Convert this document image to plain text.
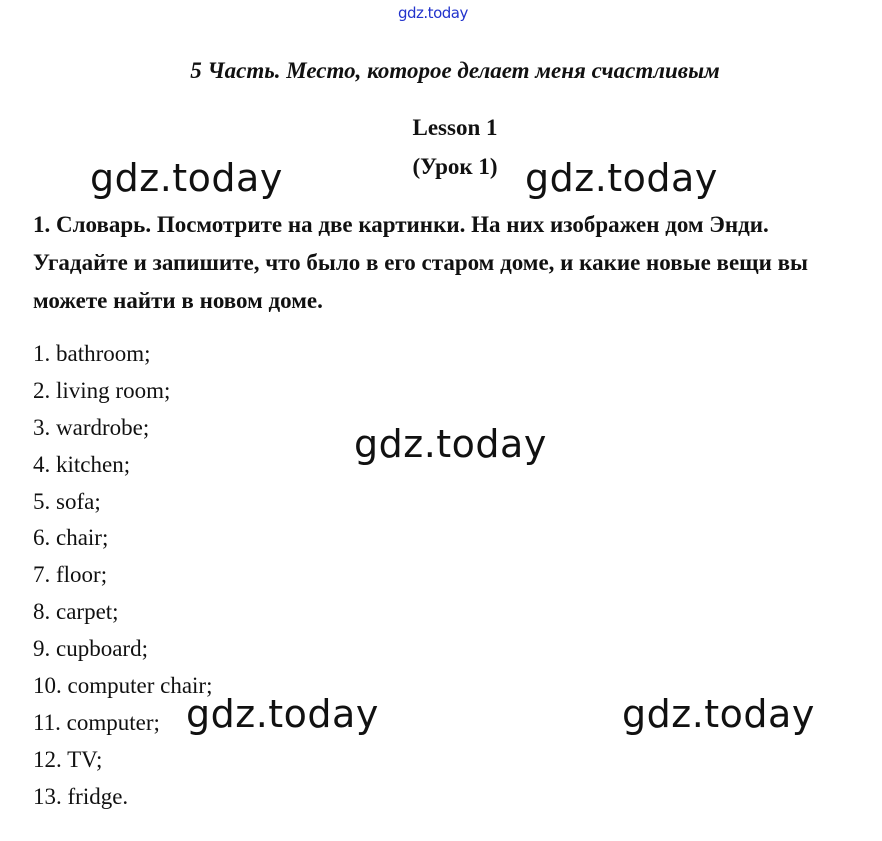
gdz.today
5 Часть. Место, которое делает меня счастливым
Lesson 1
(Урок 1)

1. Словарь. Посмотрите на две картинки. На них изображен дом Энди. Угадайте и запишите, что было в его старом доме, и какие новые вещи вы можете найти в новом доме.

1. bathroom;
2. living room;
3. wardrobe;
4. kitchen;
5. sofa;
6. chair;
7. floor;
8. carpet;
9. cupboard;
10. computer chair;
11. computer;
12. TV;
13. fridge.
gdz.today	gdz.today
gdz.today
gdz.today	gdz.today
